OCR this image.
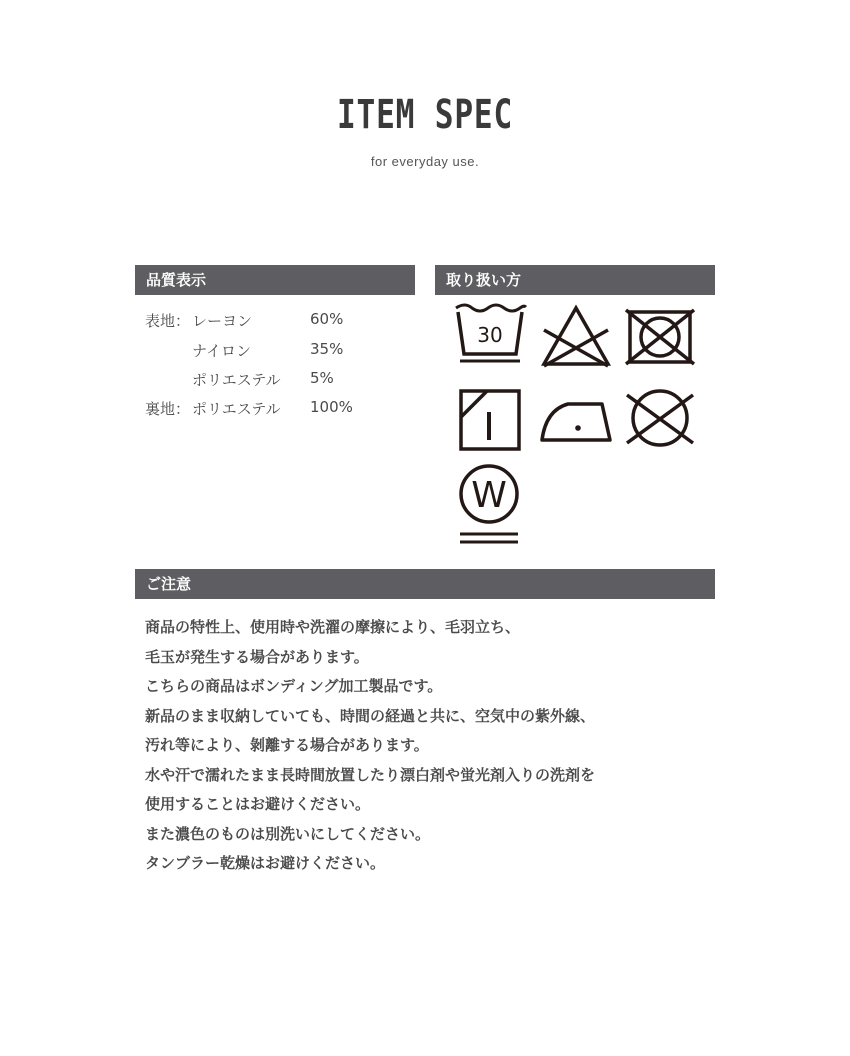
ITEM SPEC
for everyday use.
品質表示	取り扱い方
ご注意
表地： レーヨン	60%
ナイロン	35%
ポリエステル 5%
裏地： ポリエステル 100%
30
W
商品の特性上、使用時や洗濯の摩擦により、毛羽立ち、
毛玉が発生する場合があります。
こちらの商品はボンディング加工製品です。
新品のまま収納していても、時間の経過と共に、空気中の紫外線、
汚れ等により、剝離する場合があります。
水や汗で濡れたまま長時間放置したり漂白剤や蛍光剤入りの洗剤を
使用することはお避けください。
また濃色のものは別洗いにしてください。
タンブラー乾燥はお避けください。
